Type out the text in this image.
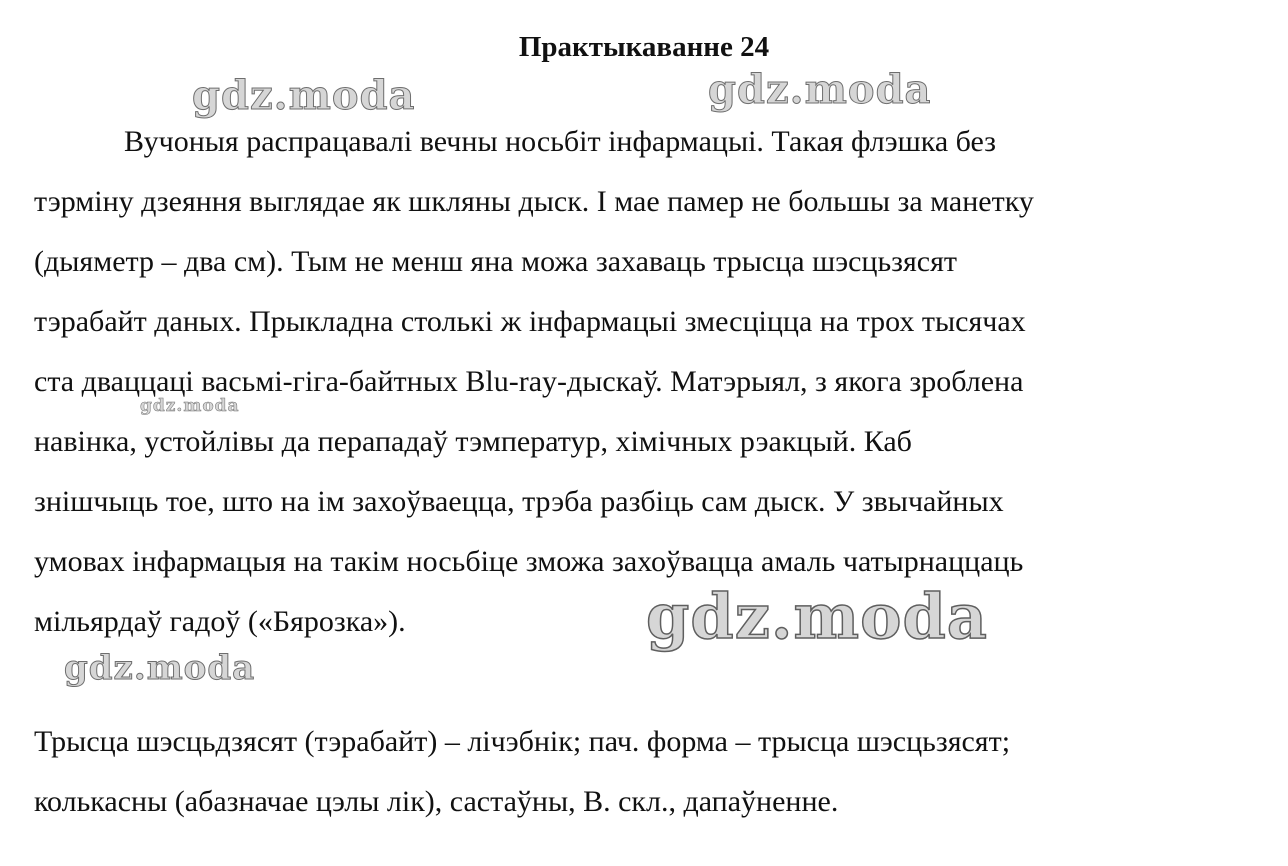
Практыкаванне 24
Вучоныя распрацавалі вечны носьбіт інфармацыі. Такая флэшка без
тэрміну дзеяння выглядае як шкляны дыск. І мае памер не большы за манетку
(дыяметр – два см). Тым не менш яна можа захаваць трысца шэсцьзясят
тэрабайт даных. Прыкладна столькі ж інфармацыі змесціцца на трох тысячах
ста дваццаці васьмі-гіга-байтных Blu-ray-дыскаў. Матэрыял, з якога зроблена
навінка, устойлівы да перападаў тэмператур, хімічных рэакцый. Каб
знішчыць тое, што на ім захоўваецца, трэба разбіць сам дыск. У звычайных
умовах інфармацыя на такім носьбіце зможа захоўвацца амаль чатырнаццаць
мільярдаў гадоў («Бярозка»).
Трысца шэсцьдзясят (тэрабайт) – лічэбнік; пач. форма – трысца шэсцьзясят;
колькасны (абазначае цэлы лік), састаўны, В. скл., дапаўненне.
gdz.moda	gdz.moda
gdz.moda
gdz.moda
gdz.moda
